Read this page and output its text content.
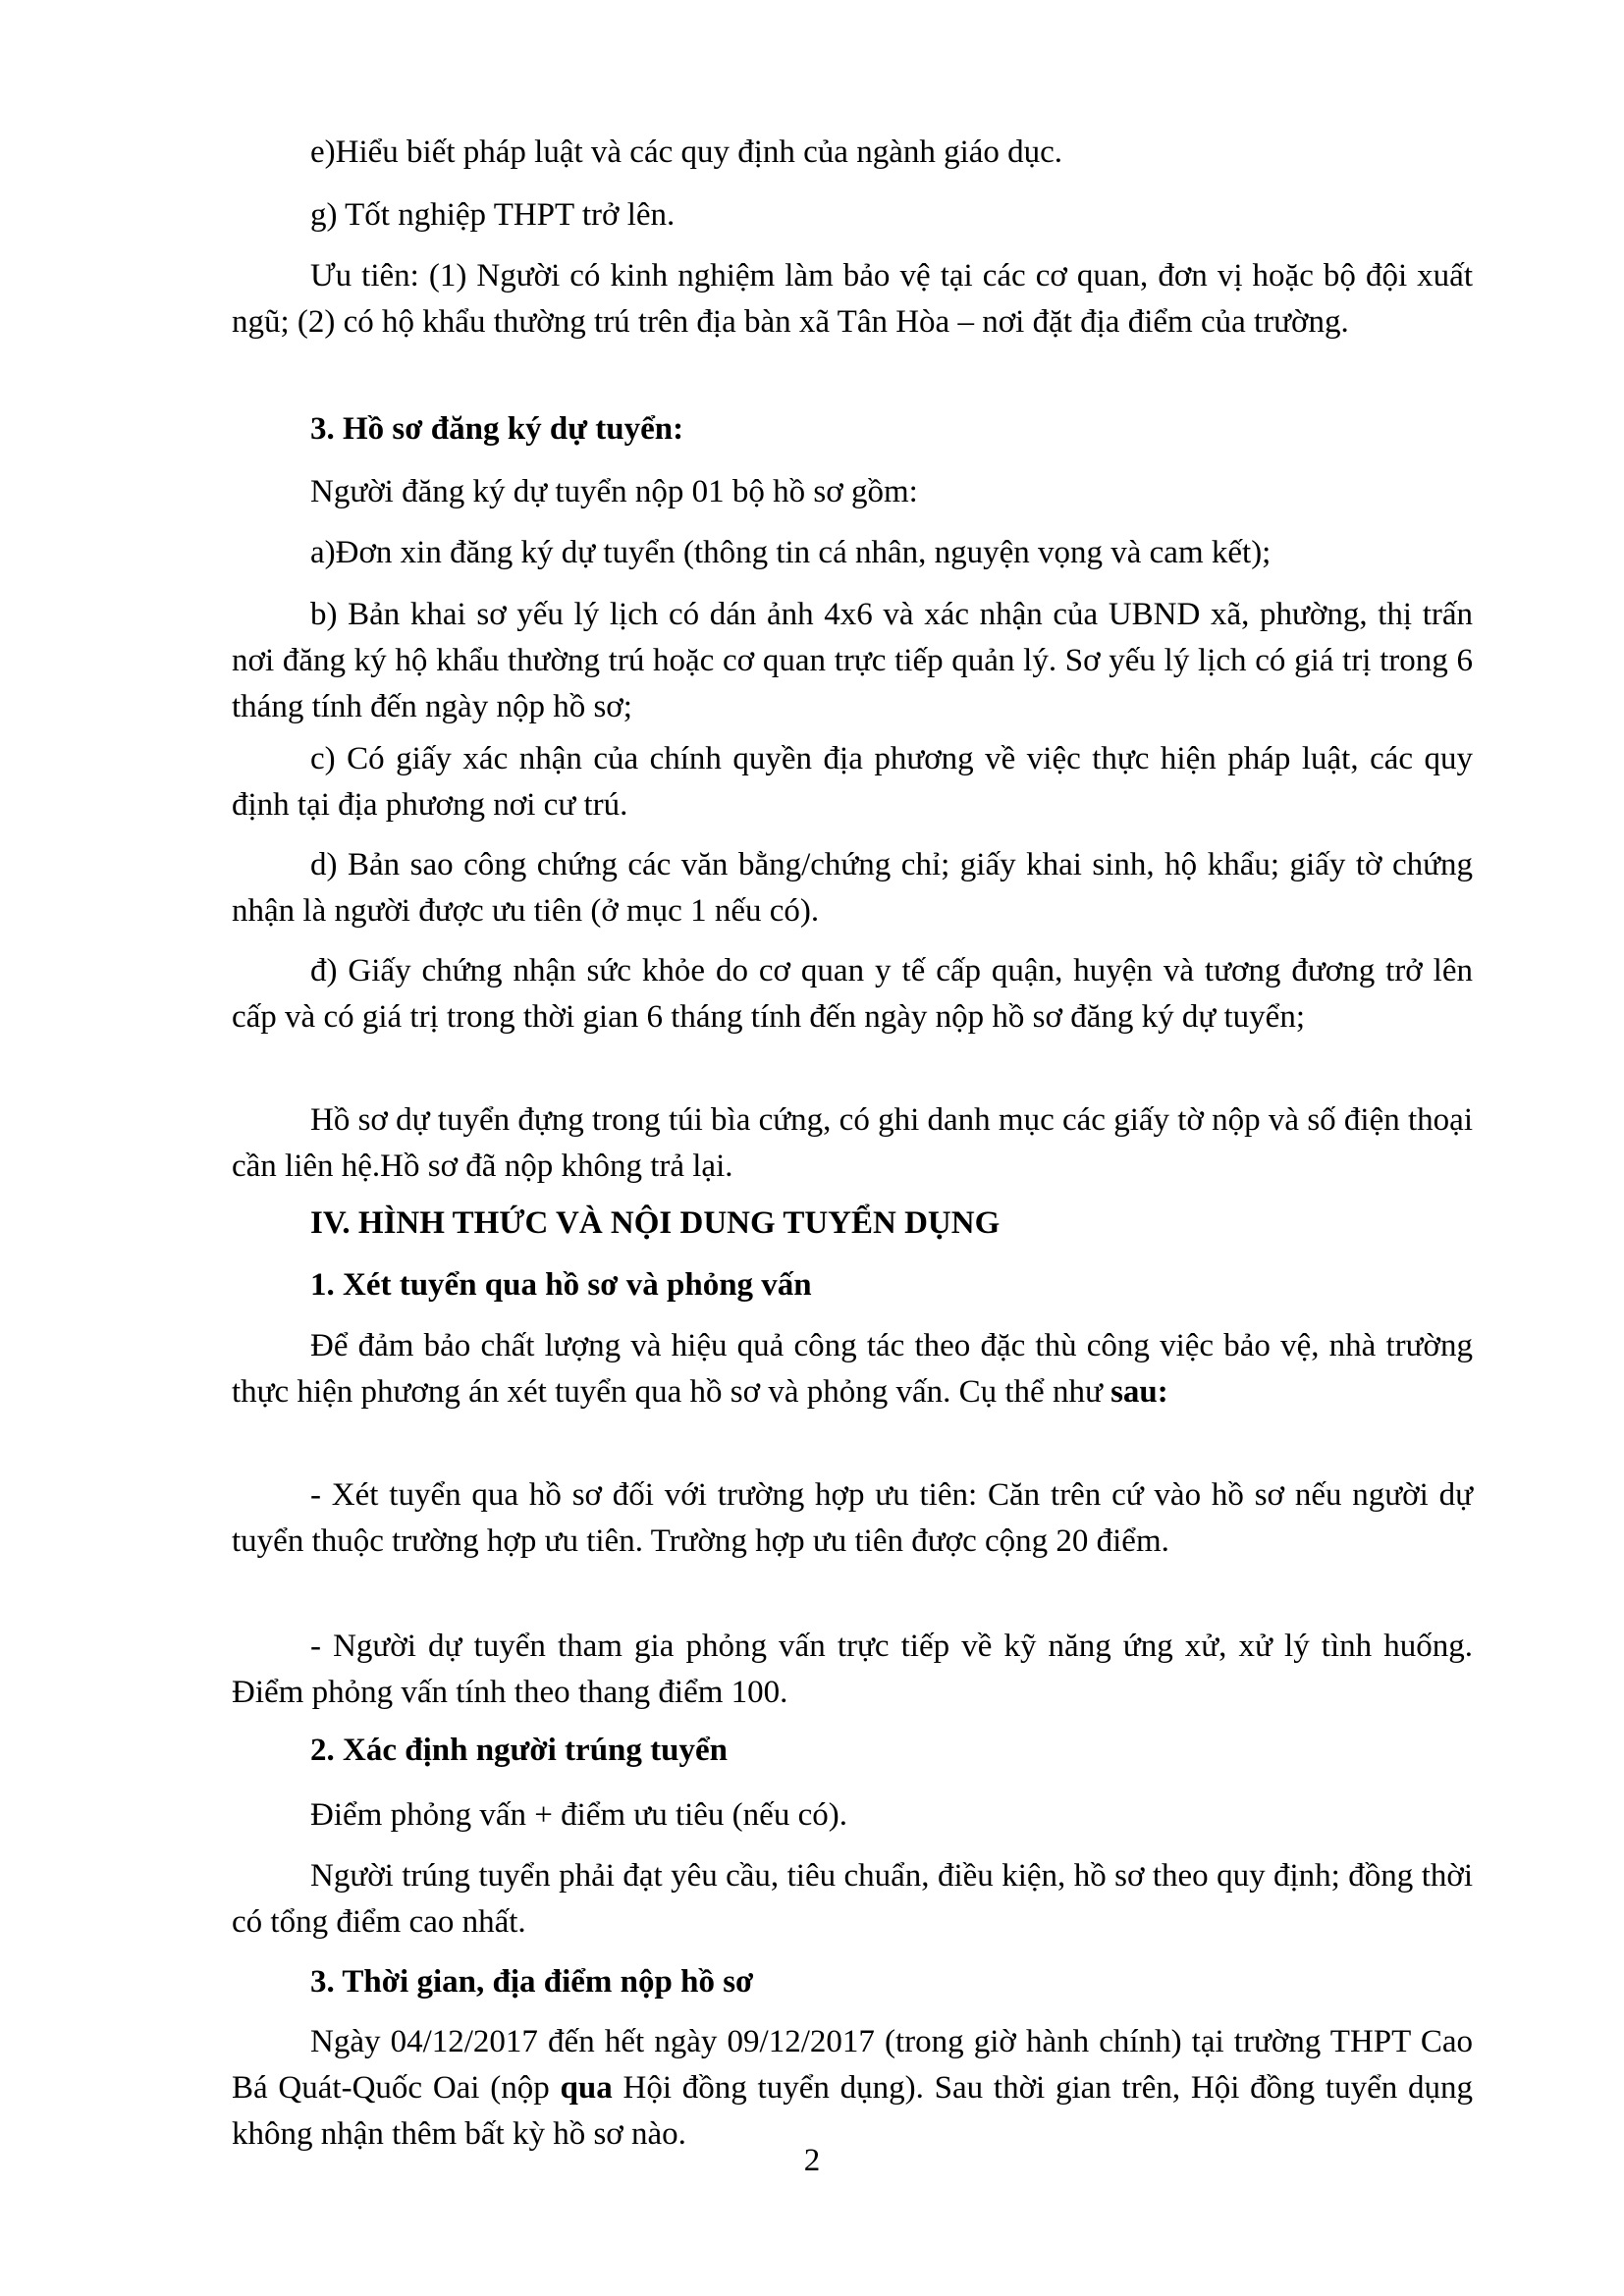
e)Hiểu biết pháp luật và các quy định của ngành giáo dục.

g) Tốt nghiệp THPT trở lên.

Ưu tiên: (1) Người có kinh nghiệm làm bảo vệ tại các cơ quan, đơn vị hoặc bộ đội xuất ngũ; (2) có hộ khẩu thường trú trên địa bàn xã Tân Hòa – nơi đặt địa điểm của trường.

3. Hồ sơ đăng ký dự tuyển:

Người đăng ký dự tuyển nộp 01 bộ hồ sơ gồm:

a)Đơn xin đăng ký dự tuyển (thông tin cá nhân, nguyện vọng và cam kết);

b) Bản khai sơ yếu lý lịch có dán ảnh 4x6 và xác nhận của UBND xã, phường, thị trấn nơi đăng ký hộ khẩu thường trú hoặc cơ quan trực tiếp quản lý. Sơ yếu lý lịch có giá trị trong 6 tháng tính đến ngày nộp hồ sơ;

c) Có giấy xác nhận của chính quyền địa phương về việc thực hiện pháp luật, các quy định tại địa phương nơi cư trú.

d) Bản sao công chứng các văn bằng/chứng chỉ; giấy khai sinh, hộ khẩu; giấy tờ chứng nhận là người được ưu tiên (ở mục 1 nếu có).

đ) Giấy chứng nhận sức khỏe do cơ quan y tế cấp quận, huyện và tương đương trở lên cấp và có giá trị trong thời gian 6 tháng tính đến ngày nộp hồ sơ đăng ký dự tuyển;

Hồ sơ dự tuyển đựng trong túi bìa cứng, có ghi danh mục các giấy tờ nộp và số điện thoại cần liên hệ.Hồ sơ đã nộp không trả lại.

IV. HÌNH THỨC VÀ NỘI DUNG TUYỂN DỤNG

1. Xét tuyển qua hồ sơ và phỏng vấn

Để đảm bảo chất lượng và hiệu quả công tác theo đặc thù công việc bảo vệ, nhà trường thực hiện phương án xét tuyển qua hồ sơ và phỏng vấn. Cụ thể như sau:

- Xét tuyển qua hồ sơ đối với trường hợp ưu tiên: Căn trên cứ vào hồ sơ nếu người dự tuyển thuộc trường hợp ưu tiên. Trường hợp ưu tiên được cộng 20 điểm.

- Người dự tuyển tham gia phỏng vấn trực tiếp về kỹ năng ứng xử, xử lý tình huống. Điểm phỏng vấn tính theo thang điểm 100.

2. Xác định người trúng tuyển

Điểm phỏng vấn + điểm ưu tiêu (nếu có).

Người trúng tuyển phải đạt yêu cầu, tiêu chuẩn, điều kiện, hồ sơ theo quy định; đồng thời có tổng điểm cao nhất.

3. Thời gian, địa điểm nộp hồ sơ

Ngày 04/12/2017 đến hết ngày 09/12/2017 (trong giờ hành chính) tại trường THPT Cao Bá Quát-Quốc Oai (nộp qua Hội đồng tuyển dụng). Sau thời gian trên, Hội đồng tuyển dụng không nhận thêm bất kỳ hồ sơ nào.

2
